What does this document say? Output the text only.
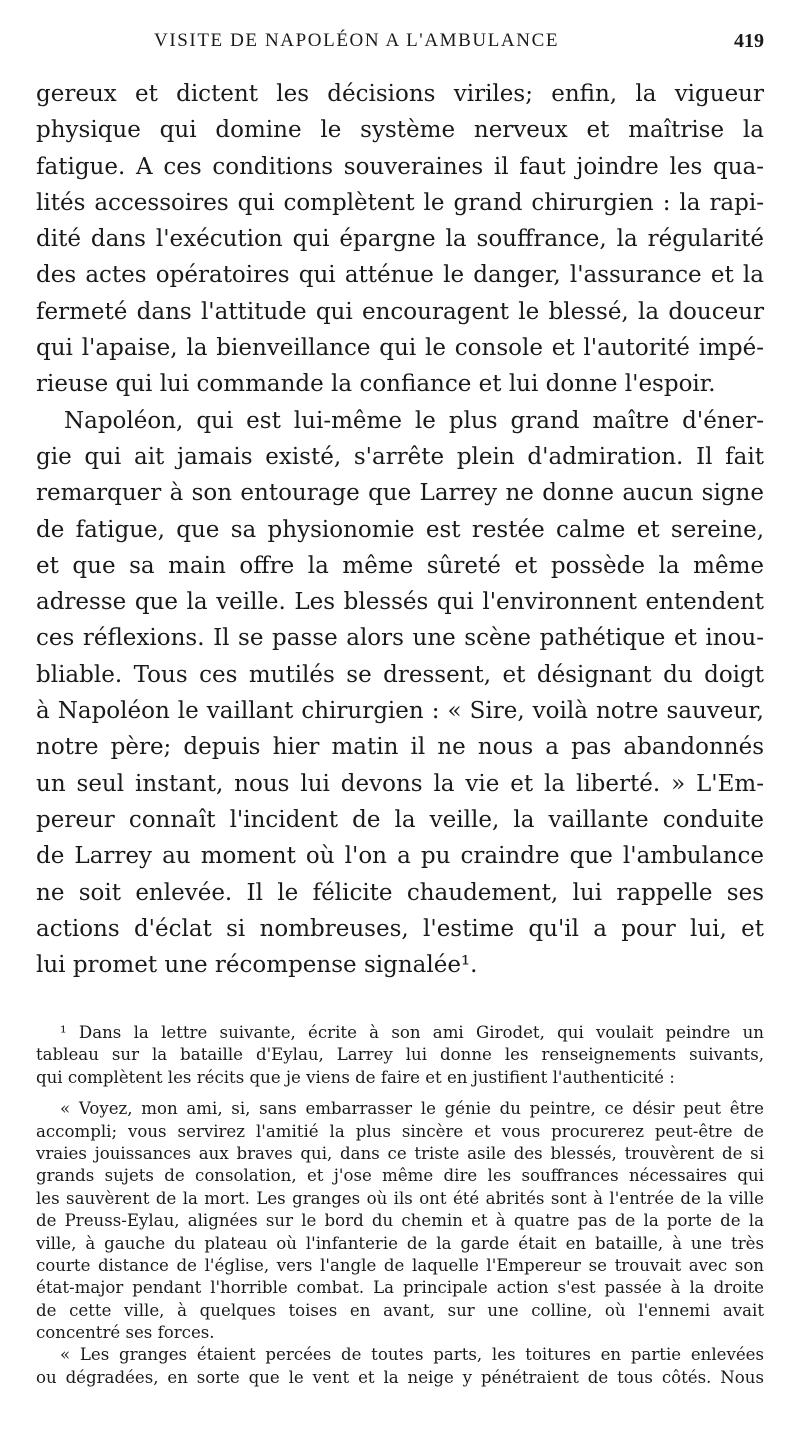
VISITE DE NAPOLÉON A L'AMBULANCE	419
gereux et dictent les décisions viriles; enfin, la vigueur
physique qui domine le système nerveux et maîtrise la
fatigue. A ces conditions souveraines il faut joindre les qua-
lités accessoires qui complètent le grand chirurgien : la rapi-
dité dans l'exécution qui épargne la souffrance, la régularité
des actes opératoires qui atténue le danger, l'assurance et la
fermeté dans l'attitude qui encouragent le blessé, la douceur
qui l'apaise, la bienveillance qui le console et l'autorité impé-
rieuse qui lui commande la confiance et lui donne l'espoir.
Napoléon, qui est lui-même le plus grand maître d'éner-
gie qui ait jamais existé, s'arrête plein d'admiration. Il fait
remarquer à son entourage que Larrey ne donne aucun signe
de fatigue, que sa physionomie est restée calme et sereine,
et que sa main offre la même sûreté et possède la même
adresse que la veille. Les blessés qui l'environnent entendent
ces réflexions. Il se passe alors une scène pathétique et inou-
bliable. Tous ces mutilés se dressent, et désignant du doigt
à Napoléon le vaillant chirurgien : « Sire, voilà notre sauveur,
notre père; depuis hier matin il ne nous a pas abandonnés
un seul instant, nous lui devons la vie et la liberté. » L'Em-
pereur connaît l'incident de la veille, la vaillante conduite
de Larrey au moment où l'on a pu craindre que l'ambulance
ne soit enlevée. Il le félicite chaudement, lui rappelle ses
actions d'éclat si nombreuses, l'estime qu'il a pour lui, et
lui promet une récompense signalée¹.
¹ Dans la lettre suivante, écrite à son ami Girodet, qui voulait peindre un
tableau sur la bataille d'Eylau, Larrey lui donne les renseignements suivants,
qui complètent les récits que je viens de faire et en justifient l'authenticité :
« Voyez, mon ami, si, sans embarrasser le génie du peintre, ce désir peut être
accompli; vous servirez l'amitié la plus sincère et vous procurerez peut-être de
vraies jouissances aux braves qui, dans ce triste asile des blessés, trouvèrent de si
grands sujets de consolation, et j'ose même dire les souffrances nécessaires qui
les sauvèrent de la mort. Les granges où ils ont été abrités sont à l'entrée de la ville
de Preuss-Eylau, alignées sur le bord du chemin et à quatre pas de la porte de la
ville, à gauche du plateau où l'infanterie de la garde était en bataille, à une très
courte distance de l'église, vers l'angle de laquelle l'Empereur se trouvait avec son
état-major pendant l'horrible combat. La principale action s'est passée à la droite
de cette ville, à quelques toises en avant, sur une colline, où l'ennemi avait
concentré ses forces.
« Les granges étaient percées de toutes parts, les toitures en partie enlevées
ou dégradées, en sorte que le vent et la neige y pénétraient de tous côtés. Nous
